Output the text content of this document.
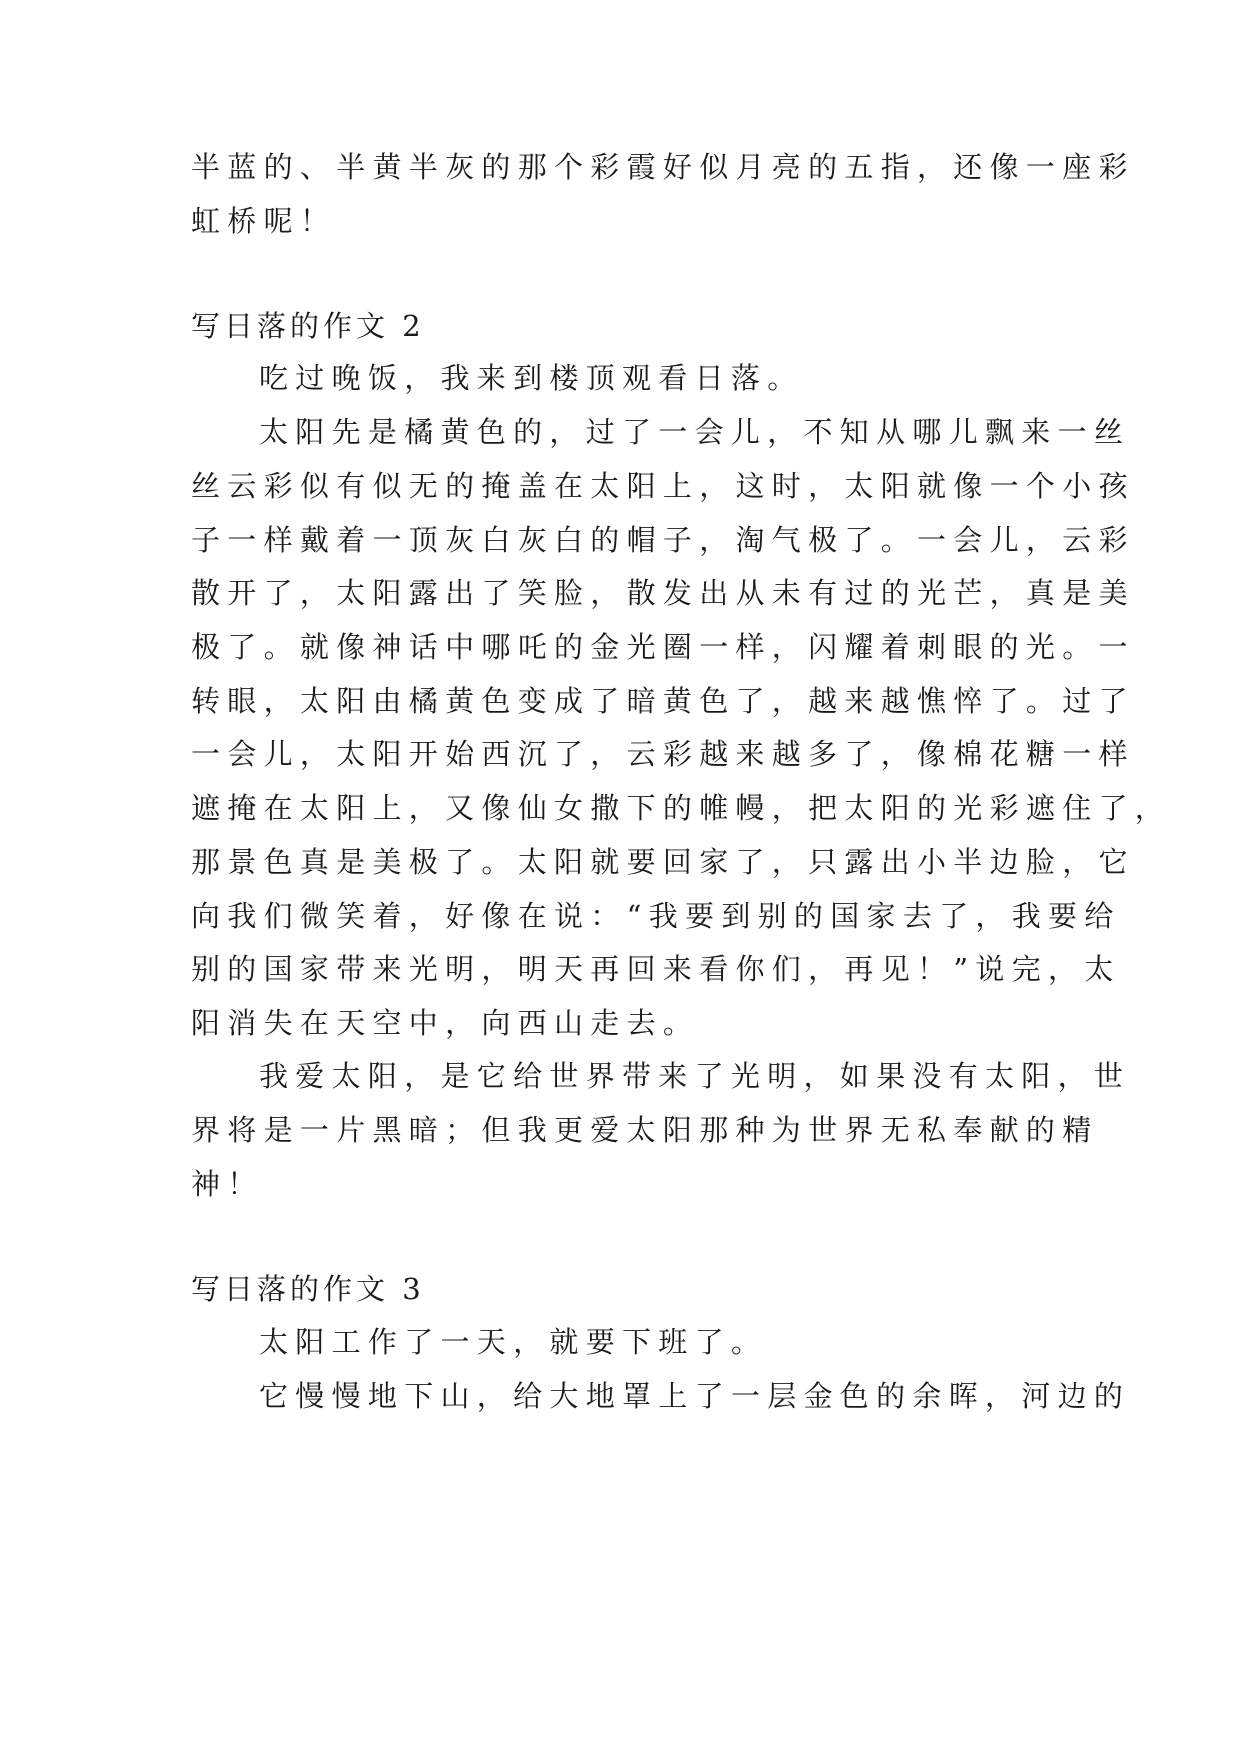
半蓝的、半黄半灰的那个彩霞好似月亮的五指，还像一座彩
虹桥呢！
写日落的作文 2
吃过晚饭，我来到楼顶观看日落。
太阳先是橘黄色的，过了一会儿，不知从哪儿飘来一丝
丝云彩似有似无的掩盖在太阳上，这时，太阳就像一个小孩
子一样戴着一顶灰白灰白的帽子，淘气极了。一会儿，云彩
散开了，太阳露出了笑脸，散发出从未有过的光芒，真是美
极了。就像神话中哪吒的金光圈一样，闪耀着刺眼的光。一
转眼，太阳由橘黄色变成了暗黄色了，越来越憔悴了。过了
一会儿，太阳开始西沉了，云彩越来越多了，像棉花糖一样
遮掩在太阳上，又像仙女撒下的帷幔，把太阳的光彩遮住了，
那景色真是美极了。太阳就要回家了，只露出小半边脸，它
向我们微笑着，好像在说：“我要到别的国家去了，我要给
别的国家带来光明，明天再回来看你们，再见！”说完，太
阳消失在天空中，向西山走去。
我爱太阳，是它给世界带来了光明，如果没有太阳，世
界将是一片黑暗；但我更爱太阳那种为世界无私奉献的精
神！
写日落的作文 3
太阳工作了一天，就要下班了。
它慢慢地下山，给大地罩上了一层金色的余晖，河边的
